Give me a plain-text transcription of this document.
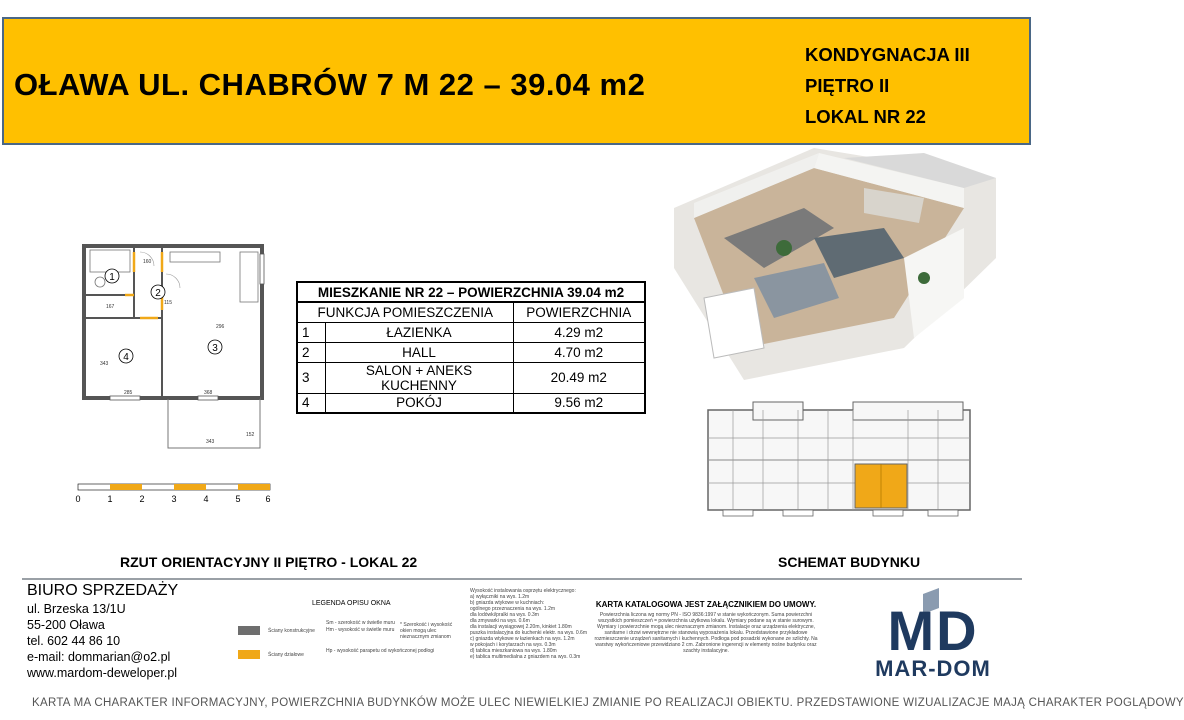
OŁAWA UL. CHABRÓW 7 M 22 – 39.04 m2
KONDYGNACJA III
PIĘTRO II
LOKAL NR 22
1
2
3
4
160
167
115
296
343
285	368
343
152
0	1	2	3	4	5	6
MIESZKANIE NR 22 – POWIERZCHNIA 39.04 m2		
FUNKCJA POMIESZCZENIA		POWIERZCHNIA
1	ŁAZIENKA	4.29 m2
2	HALL	4.70 m2
3	SALON + ANEKS KUCHENNY	20.49 m2
4	POKÓJ	9.56 m2
RZUT ORIENTACYJNY II PIĘTRO - LOKAL 22	SCHEMAT BUDYNKU
BIURO SPRZEDAŻY
ul. Brzeska 13/1U
55-200 Oława
tel. 602 44 86 10
e-mail: dommarian@o2.pl
www.mardom-deweloper.pl
LEGENDA OPISU OKNA
Ściany konstrukcyjne
Ściany działowe
Sm - szerokość w świetle muru
Hm - wysokość w świetle muru
Hp - wysokość parapetu od wykończonej podłogi
* Szerokość i wysokość okien mogą ulec nieznacznym zmianom
Wysokość instalowania osprzętu elektrycznego:
a) wyłączniki na wys. 1.2m
b) gniazda wtykowe w kuchniach:
ogólnego przeznaczenia na wys. 1.2m
dla lodówki/pralki na wys. 0.3m
dla zmywarki na wys. 0.6m
dla instalacji wysiągowej 2.20m, kinkiet 1.80m
puszka instalacyjna do kuchenki elektr. na wys. 0.6m
c) gniazda wtykowe w łazienkach na wys. 1.2m
w pokojach i korytarzach na wys. 0.3m
d) tablica mieszkaniowa na wys. 1.80m
e) tablica multimedialna z gniazdem na wys. 0.3m
KARTA KATALOGOWA JEST ZAŁĄCZNIKIEM DO UMOWY.
Powierzchnia liczona wg normy PN - ISO 9836:1997 w stanie wykończonym. Suma powierzchni wszystkich pomieszczeń = powierzchnia użytkowa lokalu. Wymiary podane są w stanie surowym. Wymiary i powierzchnie mogą ulec nieznacznym zmianom. Instalacje oraz urządzenia elektryczne, sanitarne i drzwi wewnętrzne nie stanowią wyposażenia lokalu. Przedstawione przykładowe rozmieszczenie urządzeń sanitarnych i kuchennych. Podłoga pod posadzki wykonane ze szlichty. Na warstwy wykończeniowe przewidziano 2 cm. Zabronione ingerencji w elementy nośne budynku oraz szachty instalacyjne.	MD
MAR-DOM
KARTA MA CHARAKTER INFORMACYJNY, POWIERZCHNIA BUDYNKÓW MOŻE ULEC NIEWIELKIEJ ZMIANIE PO REALIZACJI OBIEKTU. PRZEDSTAWIONE WIZUALIZACJE MAJĄ CHARAKTER POGLĄDOWY
